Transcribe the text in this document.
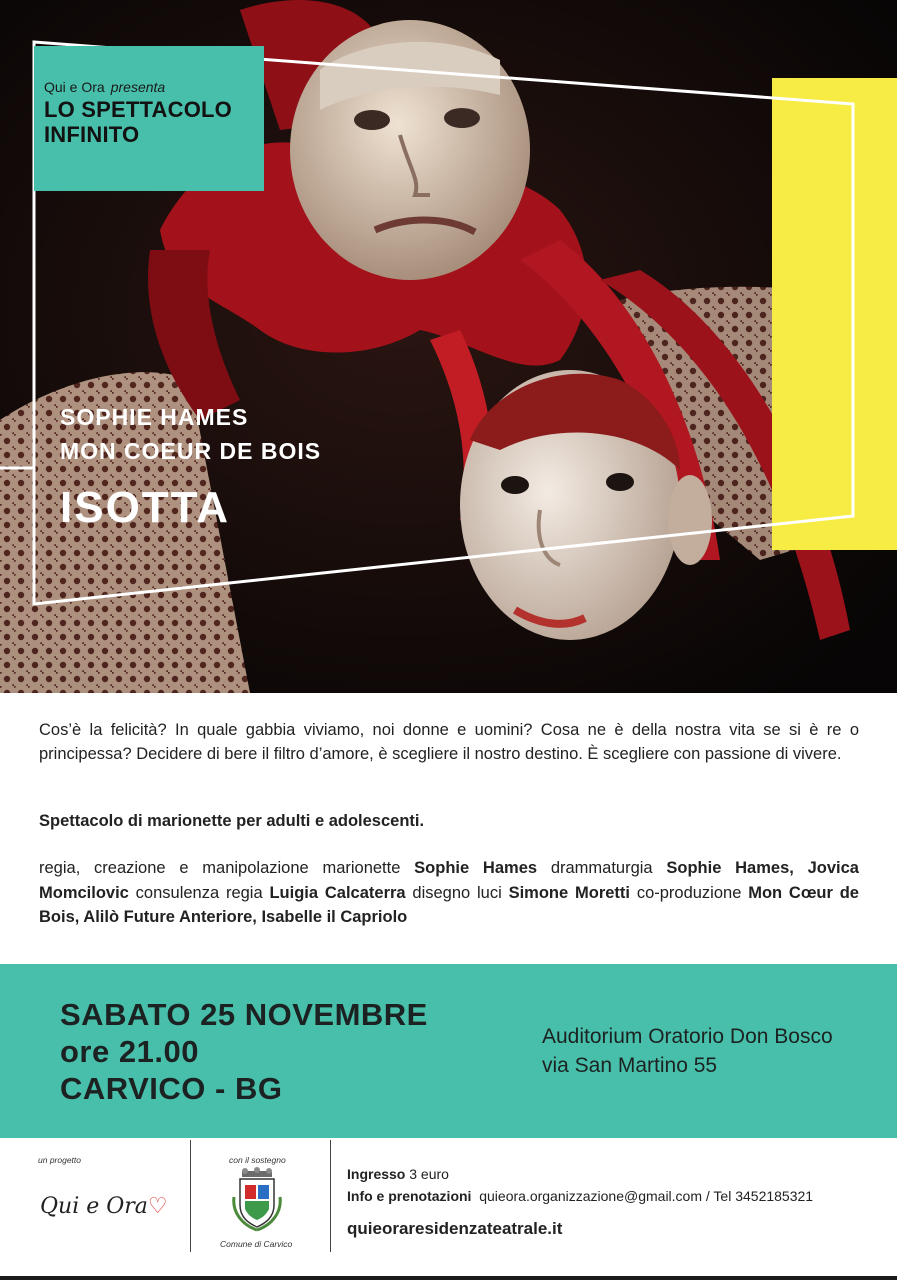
Qui e Ora presenta
LO SPETTACOLO
INFINITO
SOPHIE HAMES
MON COEUR DE BOIS
ISOTTA

Cos’è la felicità? In quale gabbia viviamo, noi donne e uomini? Cosa ne è della nostra vita se si è re o principessa? Decidere di bere il filtro d’amore, è scegliere il nostro destino. È scegliere con passione di vivere.

Spettacolo di marionette per adulti e adolescenti.

regia, creazione e manipolazione marionette Sophie Hames drammaturgia Sophie Hames, Jovica Momcilovic consulenza regia Luigia Calcaterra disegno luci Simone Moretti co-produzione Mon Cœur de Bois, Alilò Future Anteriore, Isabelle il Capriolo

SABATO 25 NOVEMBRE
ore 21.00
CARVICO - BG
Auditorium Oratorio Don Bosco
via San Martino 55
un progetto
Qui e Ora♡
con il sostegno
Comune di Carvico
Ingresso 3 euro
Info e prenotazioni quieora.organizzazione@gmail.com / Tel 3452185321
quieoraresidenzateatrale.it
